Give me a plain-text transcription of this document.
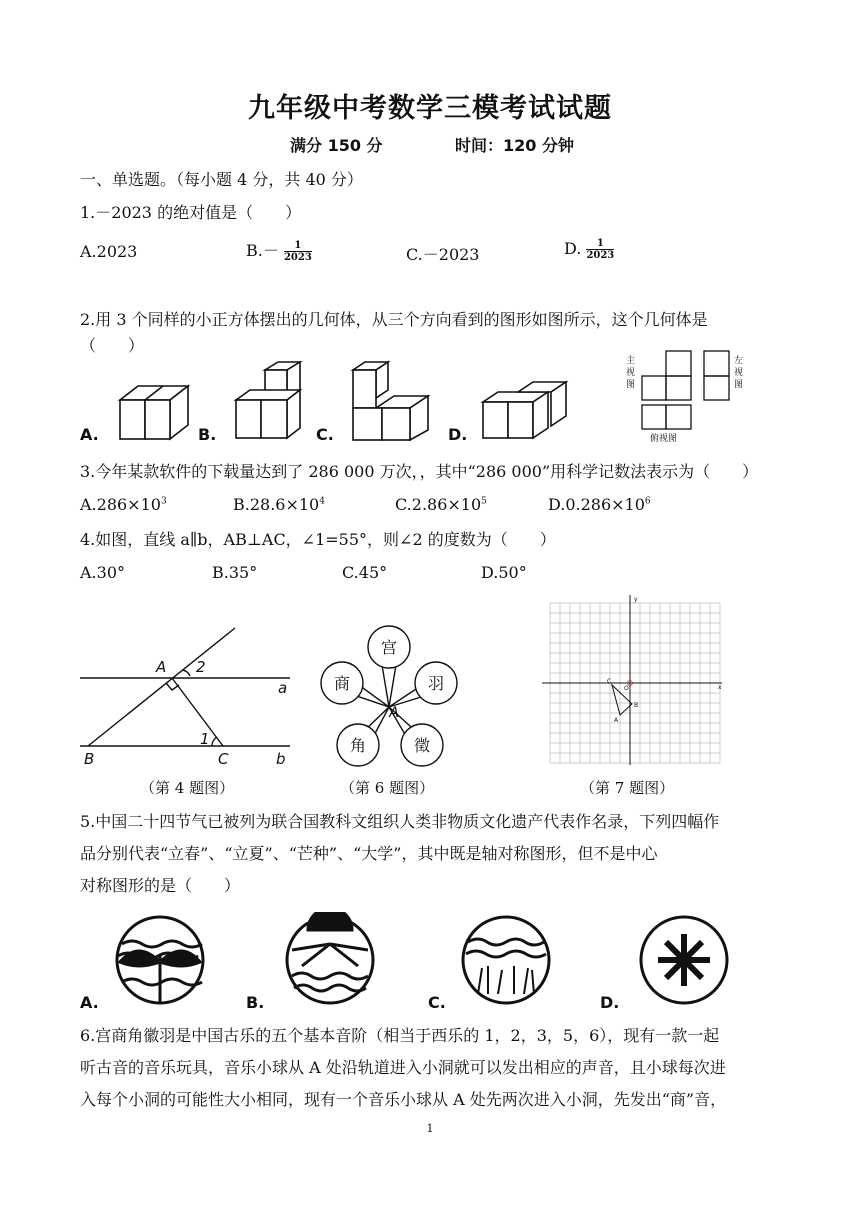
九年级中考数学三模考试试题
满分 150 分	时间：120 分钟
一、单选题。（每小题 4 分，共 40 分）
1.－2023 的绝对值是（　　）
A.2023	$B.- \frac{1}{2023}$	C.－2023	D. $\frac{1}{2023}$
2.用 3 个同样的小正方体摆出的几何体，从三个方向看到的图形如图所示，这个几何体是
（　　）
A.	B.	C.	D.
主
视
图
左
视
图
俯视图
3.今年某款软件的下载量达到了 286 000 万次，，其中“286 000”用科学记数法表示为（　　）
$A.286\times 10^3$	$B.28.6\times 10^4$	$C.2.86\times 10^5$	$D.0.286\times 10^6$
4.如图，直线 a∥b，AB⊥AC，∠1=55°，则∠2 的度数为（　　）
A.30°	B.35°	C.45°	D.50°
A 2
a
B
1
C	b
（第 4 题图）
宫
商	羽
角	徵
A
（第 6 题图）
y
x
O
C
B
A
（第 7 题图）
5.中国二十四节气已被列为联合国教科文组织人类非物质文化遗产代表作名录，下列四幅作
品分别代表“立春”、“立夏”、“芒种”、“大学”，其中既是轴对称图形，但不是中心
对称图形的是（　　）
A.	B.	C.	D.
6.宫商角徽羽是中国古乐的五个基本音阶（相当于西乐的 1，2，3，5，6），现有一款一起
听古音的音乐玩具，音乐小球从 A 处沿轨道进入小洞就可以发出相应的声音，且小球每次进
入每个小洞的可能性大小相同，现有一个音乐小球从 A 处先两次进入小洞，先发出“商”音，
1
